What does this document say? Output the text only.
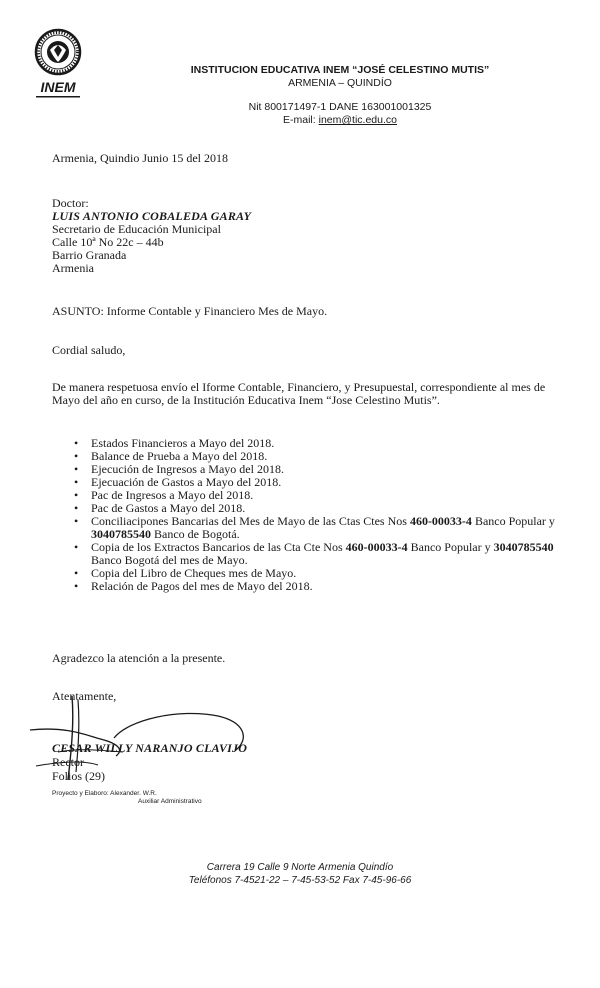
INEM
INSTITUCION EDUCATIVA INEM “JOSÉ CELESTINO MUTIS”
ARMENIA – QUINDÍO
Nit 800171497-1 DANE 163001001325
E-mail: inem@tic.edu.co
Armenia, Quindio Junio 15 del 2018
Doctor:
LUIS ANTONIO COBALEDA GARAY
Secretario de Educación Municipal
Calle 10ª No 22c – 44b
Barrio Granada
Armenia
ASUNTO: Informe Contable y Financiero Mes de Mayo.
Cordial saludo,
De manera respetuosa envío el Iforme Contable, Financiero, y Presupuestal, correspondiente al mes de Mayo del año en curso, de la Institución Educativa Inem “Jose Celestino Mutis”.
• Estados Financieros a Mayo del 2018.
• Balance de Prueba a Mayo del 2018.
• Ejecución de Ingresos a Mayo del 2018.
• Ejecuación de Gastos a Mayo del 2018.
• Pac de Ingresos a Mayo del 2018.
• Pac de Gastos a Mayo del 2018.
• Conciliacipones Bancarias del Mes de Mayo de las Ctas Ctes Nos 460-00033-4 Banco Popular y 3040785540 Banco de Bogotá.
• Copia de los Extractos Bancarios de las Cta Cte Nos 460-00033-4 Banco Popular y 3040785540 Banco Bogotá del mes de Mayo.
• Copia del Libro de Cheques mes de Mayo.
• Relación de Pagos del mes de Mayo del 2018.
Agradezco la atención a la presente.
Atentamente,
CESAR WILLY NARANJO CLAVIJO
Rector
Folios (29)
Proyecto y Elaboro: Alexander. W.R.
Auxiliar Administrativo
Carrera 19 Calle 9 Norte Armenia Quindío
Teléfonos 7-4521-22 – 7-45-53-52 Fax 7-45-96-66
